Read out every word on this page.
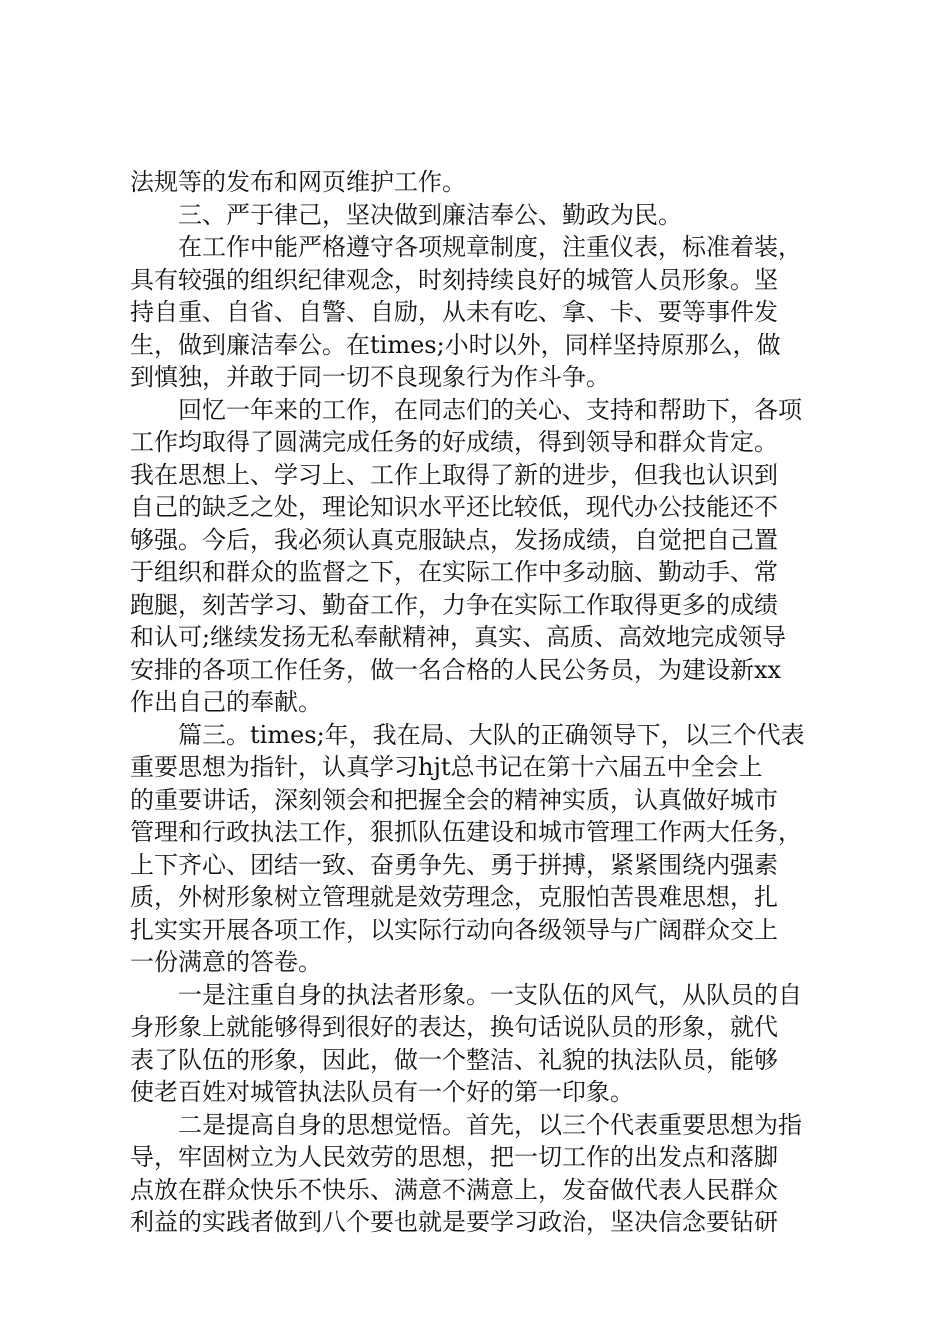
法规等的发布和网页维护工作。
三、严于律己，坚决做到廉洁奉公、勤政为民。
在工作中能严格遵守各项规章制度，注重仪表，标准着装，
具有较强的组织纪律观念，时刻持续良好的城管人员形象。坚
持自重、自省、自警、自励，从未有吃、拿、卡、要等事件发
生，做到廉洁奉公。在times;小时以外，同样坚持原那么，做
到慎独，并敢于同一切不良现象行为作斗争。
回忆一年来的工作，在同志们的关心、支持和帮助下，各项
工作均取得了圆满完成任务的好成绩，得到领导和群众肯定。
我在思想上、学习上、工作上取得了新的进步，但我也认识到
自己的缺乏之处，理论知识水平还比较低，现代办公技能还不
够强。今后，我必须认真克服缺点，发扬成绩，自觉把自己置
于组织和群众的监督之下，在实际工作中多动脑、勤动手、常
跑腿，刻苦学习、勤奋工作，力争在实际工作取得更多的成绩
和认可;继续发扬无私奉献精神，真实、高质、高效地完成领导
安排的各项工作任务，做一名合格的人民公务员，为建设新xx
作出自己的奉献。
篇三。times;年，我在局、大队的正确领导下，以三个代表
重要思想为指针，认真学习hjt总书记在第十六届五中全会上
的重要讲话，深刻领会和把握全会的精神实质，认真做好城市
管理和行政执法工作，狠抓队伍建设和城市管理工作两大任务，
上下齐心、团结一致、奋勇争先、勇于拼搏，紧紧围绕内强素
质，外树形象树立管理就是效劳理念，克服怕苦畏难思想，扎
扎实实开展各项工作，以实际行动向各级领导与广阔群众交上
一份满意的答卷。
一是注重自身的执法者形象。一支队伍的风气，从队员的自
身形象上就能够得到很好的表达，换句话说队员的形象，就代
表了队伍的形象，因此，做一个整洁、礼貌的执法队员，能够
使老百姓对城管执法队员有一个好的第一印象。
二是提高自身的思想觉悟。首先，以三个代表重要思想为指
导，牢固树立为人民效劳的思想，把一切工作的出发点和落脚
点放在群众快乐不快乐、满意不满意上，发奋做代表人民群众
利益的实践者做到八个要也就是要学习政治，坚决信念要钻研
